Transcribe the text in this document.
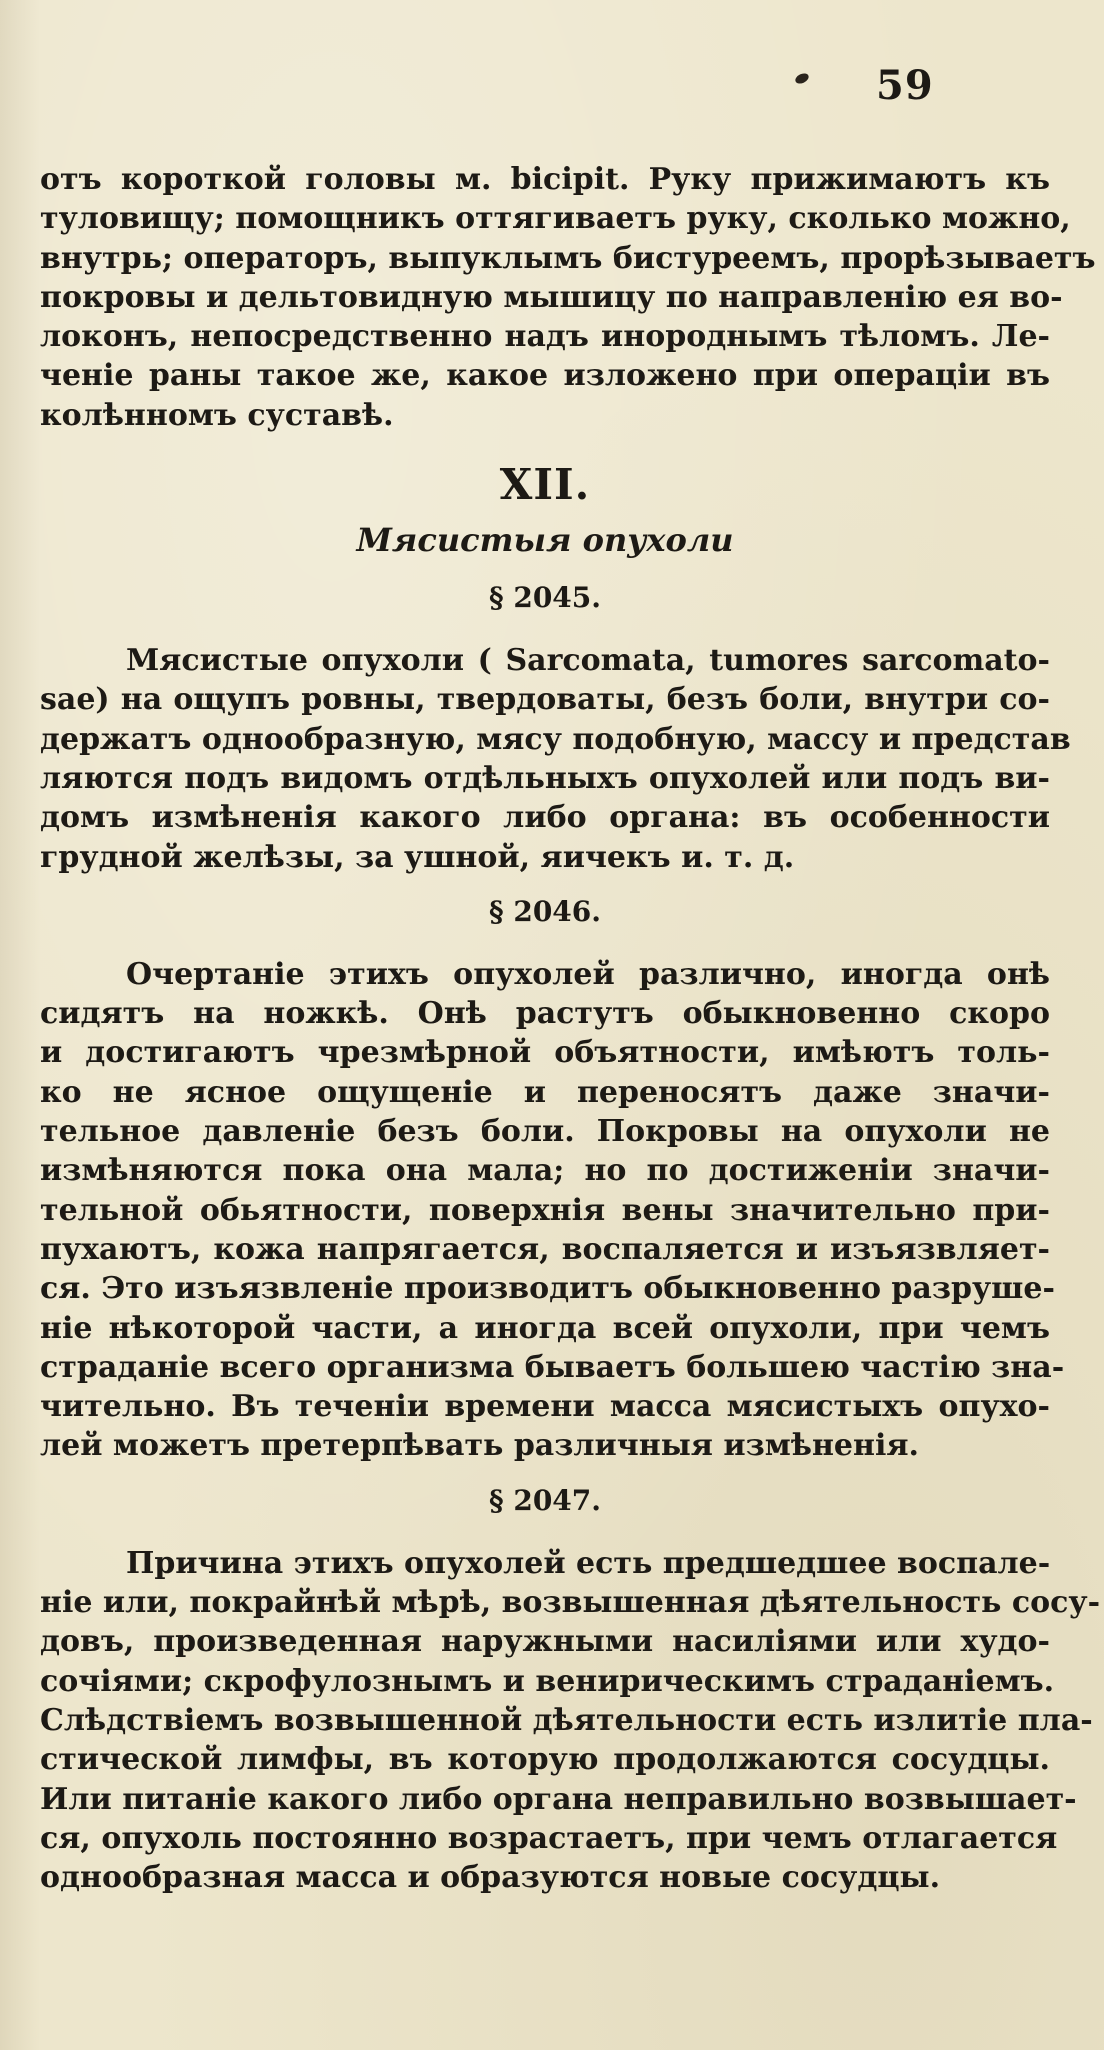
59
отъ короткой головы м. bicipit. Руку прижимаютъ къ
туловищу; помощникъ оттягиваетъ руку, сколько можно,
внутрь; операторъ, выпуклымъ бистуреемъ, прорѣзываетъ
покровы и дельтовидную мышицу по направленію ея во-
локонъ, непосредственно надъ инороднымъ тѣломъ. Ле-
ченіе раны такое же, какое изложено при операціи въ
колѣнномъ суставѣ.
XII.
Мясистыя опухоли
§ 2045.
Мясистые опухоли ( Sarcomata, tumores sarcomato-
sae) на ощупъ ровны, твердоваты, безъ боли, внутри со-
держатъ однообразную, мясу подобную, массу и представ
ляются подъ видомъ отдѣльныхъ опухолей или подъ ви-
домъ измѣненія какого либо органа: въ особенности
грудной желѣзы, за ушной, яичекъ и. т. д.
§ 2046.
Очертаніе этихъ опухолей различно, иногда онѣ
сидятъ на ножкѣ. Онѣ растутъ обыкновенно скоро
и достигаютъ чрезмѣрной объятности, имѣютъ толь-
ко не ясное ощущеніе и переносятъ даже значи-
тельное давленіе безъ боли. Покровы на опухоли не
измѣняются пока она мала; но по достиженіи значи-
тельной обьятности, поверхнія вены значительно при-
пухаютъ, кожа напрягается, воспаляется и изъязвляет-
ся. Это изъязвленіе производитъ обыкновенно разруше-
ніе нѣкоторой части, а иногда всей опухоли, при чемъ
страданіе всего организма бываетъ большею частію зна-
чительно. Въ теченіи времени масса мясистыхъ опухо-
лей можетъ претерпѣвать различныя измѣненія.
§ 2047.
Причина этихъ опухолей есть предшедшее воспале-
ніе или, покрайнѣй мѣрѣ, возвышенная дѣятельность сосу-
довъ, произведенная наружными насиліями или худо-
сочіями; скрофулознымъ и венирическимъ страданіемъ.
Слѣдствіемъ возвышенной дѣятельности есть излитіе пла-
стической лимфы, въ которую продолжаются сосудцы.
Или питаніе какого либо органа неправильно возвышает-
ся, опухоль постоянно возрастаетъ, при чемъ отлагается
однообразная масса и образуются новые сосудцы.
